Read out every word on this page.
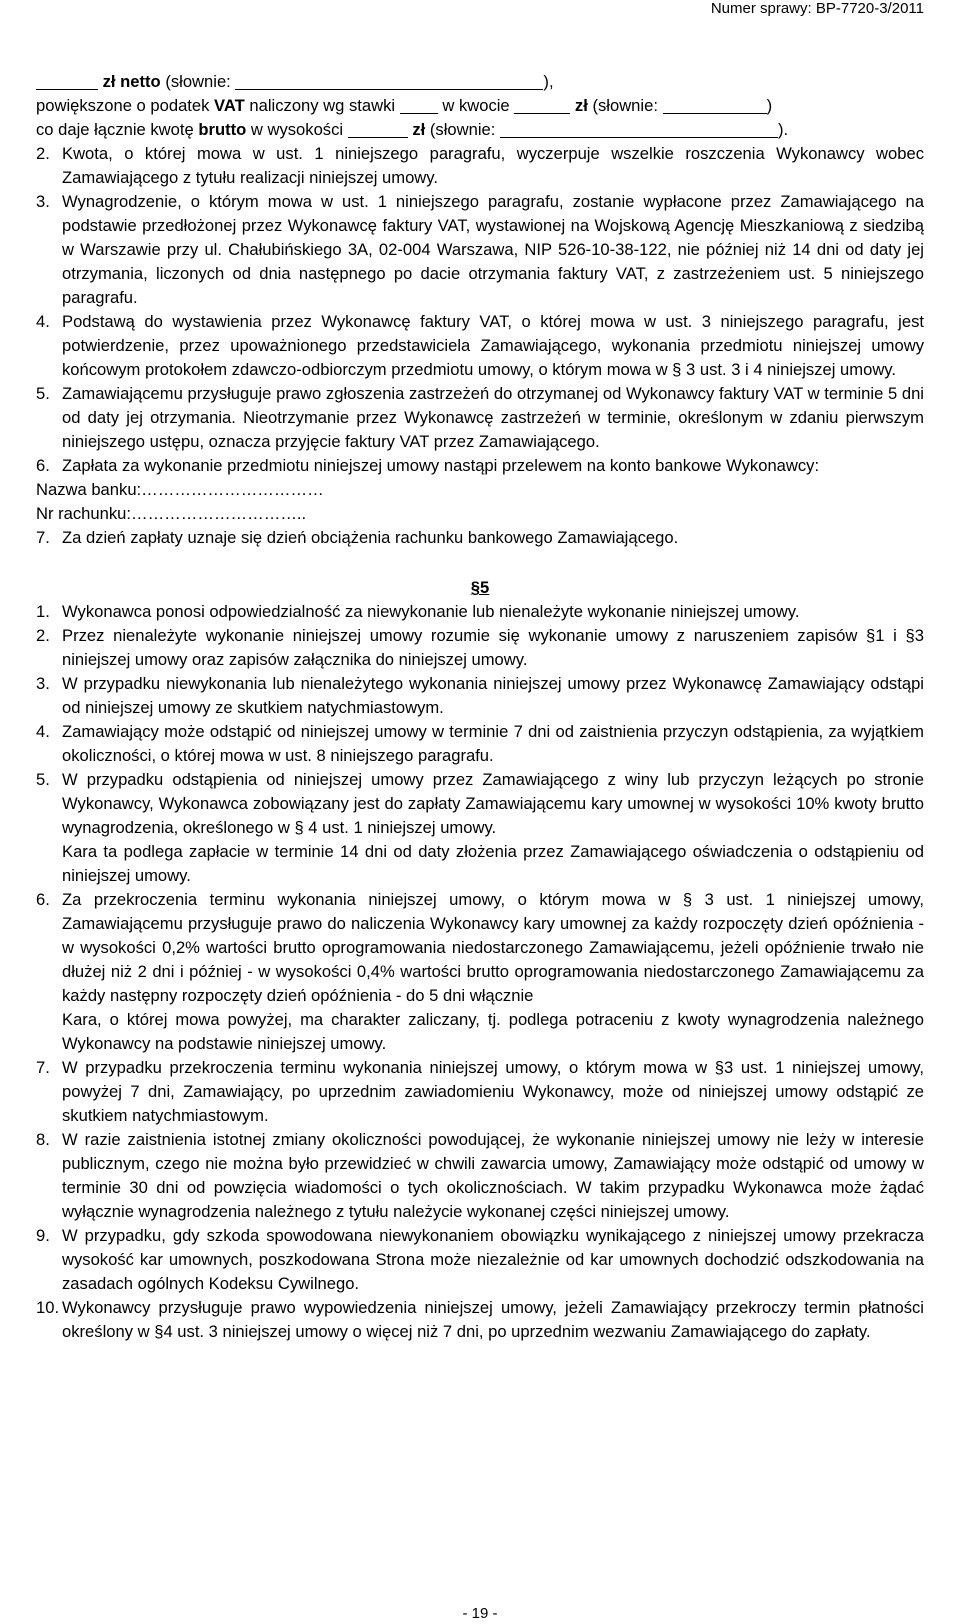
Numer sprawy: BP-7720-3/2011
zł netto (słownie:	),
powiększone o podatek VAT naliczony wg stawki	w kwocie	zł (słownie:	)
co daje łącznie kwotę brutto w wysokości	zł (słownie:	).
2. Kwota, o której mowa w ust. 1 niniejszego paragrafu, wyczerpuje wszelkie roszczenia Wykonawcy wobec Zamawiającego z tytułu realizacji niniejszej umowy.
3. Wynagrodzenie, o którym mowa w ust. 1 niniejszego paragrafu, zostanie wypłacone przez Zamawiającego na podstawie przedłożonej przez Wykonawcę faktury VAT, wystawionej na Wojskową Agencję Mieszkaniową z siedzibą w Warszawie przy ul. Chałubińskiego 3A, 02-004 Warszawa, NIP 526-10-38-122, nie później niż 14 dni od daty jej otrzymania, liczonych od dnia następnego po dacie otrzymania faktury VAT, z zastrzeżeniem ust. 5 niniejszego paragrafu.
4. Podstawą do wystawienia przez Wykonawcę faktury VAT, o której mowa w ust. 3 niniejszego paragrafu, jest potwierdzenie, przez upoważnionego przedstawiciela Zamawiającego, wykonania przedmiotu niniejszej umowy końcowym protokołem zdawczo-odbiorczym przedmiotu umowy, o którym mowa w § 3 ust. 3 i 4 niniejszej umowy.
5. Zamawiającemu przysługuje prawo zgłoszenia zastrzeżeń do otrzymanej od Wykonawcy faktury VAT w terminie 5 dni od daty jej otrzymania. Nieotrzymanie przez Wykonawcę zastrzeżeń w terminie, określonym w zdaniu pierwszym niniejszego ustępu, oznacza przyjęcie faktury VAT przez Zamawiającego.
6. Zapłata za wykonanie przedmiotu niniejszej umowy nastąpi przelewem na konto bankowe Wykonawcy:

Nazwa banku:……………………………

Nr rachunku:…………………………..

7. Za dzień zapłaty uznaje się dzień obciążenia rachunku bankowego Zamawiającego.

§5

1. Wykonawca ponosi odpowiedzialność za niewykonanie lub nienależyte wykonanie niniejszej umowy.
2. Przez nienależyte wykonanie niniejszej umowy rozumie się wykonanie umowy z naruszeniem zapisów §1 i §3 niniejszej umowy oraz zapisów załącznika do niniejszej umowy.
3. W przypadku niewykonania lub nienależytego wykonania niniejszej umowy przez Wykonawcę Zamawiający odstąpi od niniejszej umowy ze skutkiem natychmiastowym.
4. Zamawiający może odstąpić od niniejszej umowy w terminie 7 dni od zaistnienia przyczyn odstąpienia, za wyjątkiem okoliczności, o której mowa w ust. 8 niniejszego paragrafu.
5. W przypadku odstąpienia od niniejszej umowy przez Zamawiającego z winy lub przyczyn leżących po stronie Wykonawcy, Wykonawca zobowiązany jest do zapłaty Zamawiającemu kary umownej w wysokości 10% kwoty brutto wynagrodzenia, określonego w § 4 ust. 1 niniejszej umowy.

Kara ta podlega zapłacie w terminie 14 dni od daty złożenia przez Zamawiającego oświadczenia o odstąpieniu od niniejszej umowy.

6. Za przekroczenia terminu wykonania niniejszej umowy, o którym mowa w § 3 ust. 1 niniejszej umowy, Zamawiającemu przysługuje prawo do naliczenia Wykonawcy kary umownej za każdy rozpoczęty dzień opóźnienia - w wysokości 0,2% wartości brutto oprogramowania niedostarczonego Zamawiającemu, jeżeli opóźnienie trwało nie dłużej niż 2 dni i później - w wysokości 0,4% wartości brutto oprogramowania niedostarczonego Zamawiającemu za każdy następny rozpoczęty dzień opóźnienia - do 5 dni włącznie

Kara, o której mowa powyżej, ma charakter zaliczany, tj. podlega potraceniu z kwoty wynagrodzenia należnego Wykonawcy na podstawie niniejszej umowy.

7. W przypadku przekroczenia terminu wykonania niniejszej umowy, o którym mowa w §3 ust. 1 niniejszej umowy, powyżej 7 dni, Zamawiający, po uprzednim zawiadomieniu Wykonawcy, może od niniejszej umowy odstąpić ze skutkiem natychmiastowym.
8. W razie zaistnienia istotnej zmiany okoliczności powodującej, że wykonanie niniejszej umowy nie leży w interesie publicznym, czego nie można było przewidzieć w chwili zawarcia umowy, Zamawiający może odstąpić od umowy w terminie 30 dni od powzięcia wiadomości o tych okolicznościach. W takim przypadku Wykonawca może żądać wyłącznie wynagrodzenia należnego z tytułu należycie wykonanej części niniejszej umowy.
9. W przypadku, gdy szkoda spowodowana niewykonaniem obowiązku wynikającego z niniejszej umowy przekracza wysokość kar umownych, poszkodowana Strona może niezależnie od kar umownych dochodzić odszkodowania na zasadach ogólnych Kodeksu Cywilnego.
10. Wykonawcy przysługuje prawo wypowiedzenia niniejszej umowy, jeżeli Zamawiający przekroczy termin płatności określony w §4 ust. 3 niniejszej umowy o więcej niż 7 dni, po uprzednim wezwaniu Zamawiającego do zapłaty.
- 19 -
